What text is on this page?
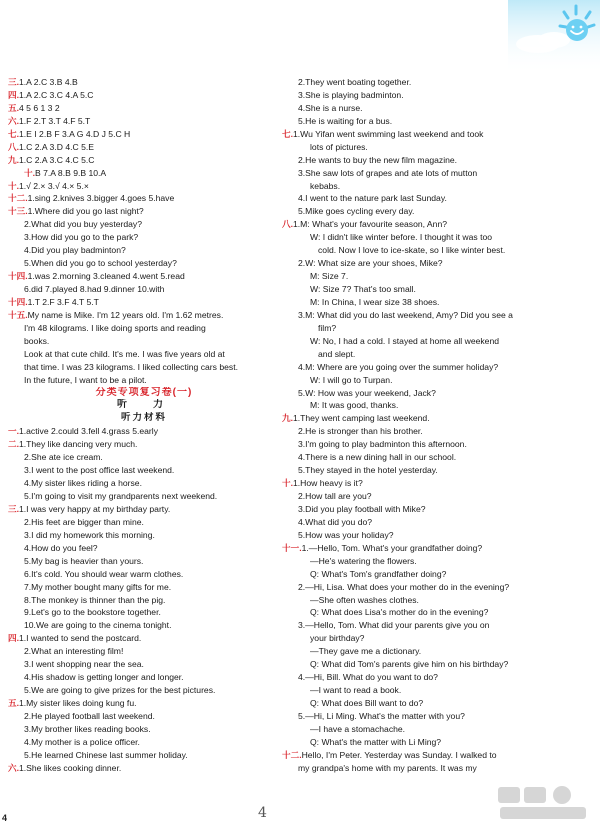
三.1.A 2.C 3.B 4.B
四.1.A 2.C 3.C 4.A 5.C
五.4 5 6 1 3 2
六.1.F 2.T 3.T 4.F 5.T
七.1.E I 2.B F 3.A G 4.D J 5.C H
八.1.C 2.A 3.D 4.C 5.E
九.1.C 2.A 3.C 4.C 5.C
十.B 7.A 8.B 9.B 10.A
十.1.√ 2.× 3.√ 4.× 5.×
十二.1.sing 2.knives 3.bigger 4.goes 5.have
十三.1.Where did you go last night?
2.What did you buy yesterday?
3.How did you go to the park?
4.Did you play badminton?
5.When did you go to school yesterday?
十四.1.was 2.morning 3.cleaned 4.went 5.read
6.did 7.played 8.had 9.dinner 10.with
十四.1.T 2.F 3.F 4.T 5.T
十五.My name is Mike. I'm 12 years old. I'm 1.62 metres.
I'm 48 kilograms. I like doing sports and reading
books.
Look at that cute child. It's me. I was five years old at
that time. I was 23 kilograms. I liked collecting cars best.
In the future, I want to be a pilot.
分类专项复习卷(一)
听　力
听力材料
一.1.active 2.could 3.fell 4.grass 5.early
二.1.They like dancing very much.
2.She ate ice cream.
3.I went to the post office last weekend.
4.My sister likes riding a horse.
5.I'm going to visit my grandparents next weekend.
三.1.I was very happy at my birthday party.
2.His feet are bigger than mine.
3.I did my homework this morning.
4.How do you feel?
5.My bag is heavier than yours.
6.It's cold. You should wear warm clothes.
7.My mother bought many gifts for me.
8.The monkey is thinner than the pig.
9.Let's go to the bookstore together.
10.We are going to the cinema tonight.
四.1.I wanted to send the postcard.
2.What an interesting film!
3.I went shopping near the sea.
4.His shadow is getting longer and longer.
5.We are going to give prizes for the best pictures.
五.1.My sister likes doing kung fu.
2.He played football last weekend.
3.My brother likes reading books.
4.My mother is a police officer.
5.He learned Chinese last summer holiday.
六.1.She likes cooking dinner.
2.They went boating together.
3.She is playing badminton.
4.She is a nurse.
5.He is waiting for a bus.
七.1.Wu Yifan went swimming last weekend and took
lots of pictures.
2.He wants to buy the new film magazine.
3.She saw lots of grapes and ate lots of mutton
kebabs.
4.I went to the nature park last Sunday.
5.Mike goes cycling every day.
八.1.M: What's your favourite season, Ann?
W: I didn't like winter before. I thought it was too
cold. Now I love to ice-skate, so I like winter best.
2.W: What size are your shoes, Mike?
M: Size 7.
W: Size 7? That's too small.
M: In China, I wear size 38 shoes.
3.M: What did you do last weekend, Amy? Did you see a
film?
W: No, I had a cold. I stayed at home all weekend
and slept.
4.M: Where are you going over the summer holiday?
W: I will go to Turpan.
5.W: How was your weekend, Jack?
M: It was good, thanks.
九.1.They went camping last weekend.
2.He is stronger than his brother.
3.I'm going to play badminton this afternoon.
4.There is a new dining hall in our school.
5.They stayed in the hotel yesterday.
十.1.How heavy is it?
2.How tall are you?
3.Did you play football with Mike?
4.What did you do?
5.How was your holiday?
十一.1.—Hello, Tom. What's your grandfather doing?
—He's watering the flowers.
Q: What's Tom's grandfather doing?
2.—Hi, Lisa. What does your mother do in the evening?
—She often washes clothes.
Q: What does Lisa's mother do in the evening?
3.—Hello, Tom. What did your parents give you on
your birthday?
—They gave me a dictionary.
Q: What did Tom's parents give him on his birthday?
4.—Hi, Bill. What do you want to do?
—I want to read a book.
Q: What does Bill want to do?
5.—Hi, Li Ming. What's the matter with you?
—I have a stomachache.
Q: What's the matter with Li Ming?
十二.Hello, I'm Peter. Yesterday was Sunday. I walked to
my grandpa's home with my parents. It was my
4	4
